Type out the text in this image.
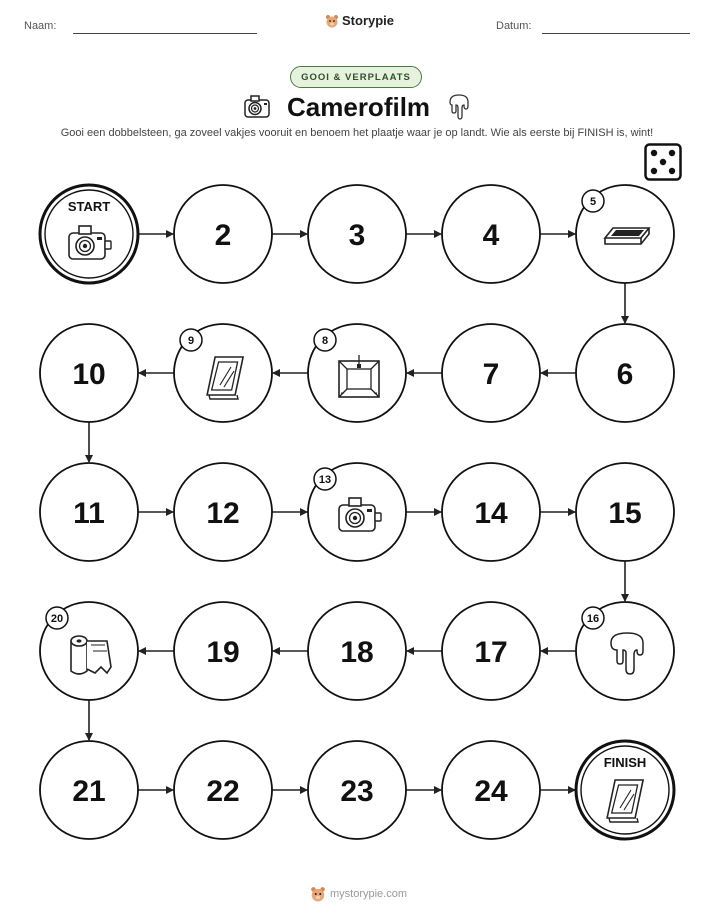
Naam:	Storypie	Datum:
GOOI & VERPLAATS
Camerofilm
Gooi een dobbelsteen, ga zoveel vakjes vooruit en benoem het plaatje waar je op landt. Wie als eerste bij FINISH is, wint!
START
2	3	4
5
6
7
8
9
10
11	12
13
14	15
16
17
18
19
20
21	22	23	24
FINISH
mystorypie.com
